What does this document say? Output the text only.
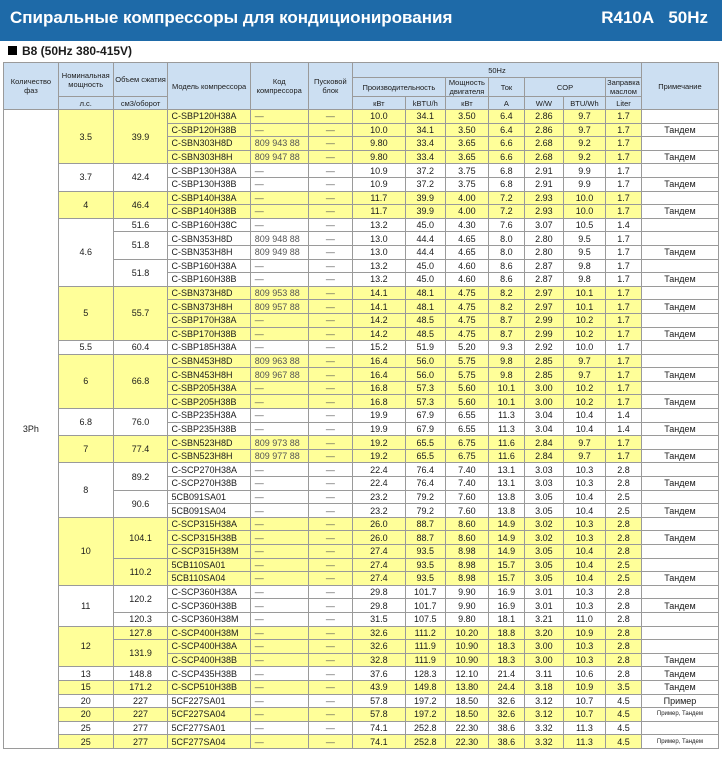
Спиральные компрессоры для кондиционирования	R410A 50Hz
B8 (50Hz 380-415V)
Количество фаз	Номинальная мощность	Объем сжатия	Модель компрессора	Код компрессора	Пусковой блок	50Hz							Примечание
						Производительность		Мощность двигателя	Ток	COP		Заправка маслом	
	л.с.	см3/оборот				кВт	kBTU/h	кВт	A	W/W	BTU/Wh	Liter	
3Ph	3.5	39.9	C-SBP120H38A	—	—	10.0	34.1	3.50	6.4	2.86	9.7	1.7	
			C-SBP120H38B	—	—	10.0	34.1	3.50	6.4	2.86	9.7	1.7	Тандем
			C-SBN303H8D	809 943 88	—	9.80	33.4	3.65	6.6	2.68	9.2	1.7	
			C-SBN303H8H	809 947 88	—	9.80	33.4	3.65	6.6	2.68	9.2	1.7	Тандем
	3.7	42.4	C-SBP130H38A	—	—	10.9	37.2	3.75	6.8	2.91	9.9	1.7	
			C-SBP130H38B	—	—	10.9	37.2	3.75	6.8	2.91	9.9	1.7	Тандем
	4	46.4	C-SBP140H38A	—	—	11.7	39.9	4.00	7.2	2.93	10.0	1.7	
			C-SBP140H38B	—	—	11.7	39.9	4.00	7.2	2.93	10.0	1.7	Тандем
	4.6	51.6	C-SBP160H38C	—	—	13.2	45.0	4.30	7.6	3.07	10.5	1.4	
		51.8	C-SBN353H8D	809 948 88	—	13.0	44.4	4.65	8.0	2.80	9.5	1.7	
			C-SBN353H8H	809 949 88	—	13.0	44.4	4.65	8.0	2.80	9.5	1.7	Тандем
		51.8	C-SBP160H38A	—	—	13.2	45.0	4.60	8.6	2.87	9.8	1.7	
			C-SBP160H38B	—	—	13.2	45.0	4.60	8.6	2.87	9.8	1.7	Тандем
	5	55.7	C-SBN373H8D	809 953 88	—	14.1	48.1	4.75	8.2	2.97	10.1	1.7	
			C-SBN373H8H	809 957 88	—	14.1	48.1	4.75	8.2	2.97	10.1	1.7	Тандем
			C-SBP170H38A	—	—	14.2	48.5	4.75	8.7	2.99	10.2	1.7	
			C-SBP170H38B	—	—	14.2	48.5	4.75	8.7	2.99	10.2	1.7	Тандем
	5.5	60.4	C-SBP185H38A	—	—	15.2	51.9	5.20	9.3	2.92	10.0	1.7	
	6	66.8	C-SBN453H8D	809 963 88	—	16.4	56.0	5.75	9.8	2.85	9.7	1.7	
			C-SBN453H8H	809 967 88	—	16.4	56.0	5.75	9.8	2.85	9.7	1.7	Тандем
			C-SBP205H38A	—	—	16.8	57.3	5.60	10.1	3.00	10.2	1.7	
			C-SBP205H38B	—	—	16.8	57.3	5.60	10.1	3.00	10.2	1.7	Тандем
	6.8	76.0	C-SBP235H38A	—	—	19.9	67.9	6.55	11.3	3.04	10.4	1.4	
			C-SBP235H38B	—	—	19.9	67.9	6.55	11.3	3.04	10.4	1.4	Тандем
	7	77.4	C-SBN523H8D	809 973 88	—	19.2	65.5	6.75	11.6	2.84	9.7	1.7	
			C-SBN523H8H	809 977 88	—	19.2	65.5	6.75	11.6	2.84	9.7	1.7	Тандем
	8	89.2	C-SCP270H38A	—	—	22.4	76.4	7.40	13.1	3.03	10.3	2.8	
			C-SCP270H38B	—	—	22.4	76.4	7.40	13.1	3.03	10.3	2.8	Тандем
		90.6	5CB091SA01	—	—	23.2	79.2	7.60	13.8	3.05	10.4	2.5	
			5CB091SA04	—	—	23.2	79.2	7.60	13.8	3.05	10.4	2.5	Тандем
	10	104.1	C-SCP315H38A	—	—	26.0	88.7	8.60	14.9	3.02	10.3	2.8	
			C-SCP315H38B	—	—	26.0	88.7	8.60	14.9	3.02	10.3	2.8	Тандем
			C-SCP315H38M	—	—	27.4	93.5	8.98	14.9	3.05	10.4	2.8	
		110.2	5CB110SA01	—	—	27.4	93.5	8.98	15.7	3.05	10.4	2.5	
			5CB110SA04	—	—	27.4	93.5	8.98	15.7	3.05	10.4	2.5	Тандем
	11	120.2	C-SCP360H38A	—	—	29.8	101.7	9.90	16.9	3.01	10.3	2.8	
			C-SCP360H38B	—	—	29.8	101.7	9.90	16.9	3.01	10.3	2.8	Тандем
		120.3	C-SCP360H38M	—	—	31.5	107.5	9.80	18.1	3.21	11.0	2.8	
	12	127.8	C-SCP400H38M	—	—	32.6	111.2	10.20	18.8	3.20	10.9	2.8	
		131.9	C-SCP400H38A	—	—	32.6	111.9	10.90	18.3	3.00	10.3	2.8	
			C-SCP400H38B	—	—	32.8	111.9	10.90	18.3	3.00	10.3	2.8	Тандем
	13	148.8	C-SCP435H38B	—	—	37.6	128.3	12.10	21.4	3.11	10.6	2.8	Тандем
	15	171.2	C-SCP510H38B	—	—	43.9	149.8	13.80	24.4	3.18	10.9	3.5	Тандем
	20	227	5CF227SA01	—	—	57.8	197.2	18.50	32.6	3.12	10.7	4.5	Пример
	20	227	5CF227SA04	—	—	57.8	197.2	18.50	32.6	3.12	10.7	4.5	Пример, Тандем
	25	277	5CF277SA01	—	—	74.1	252.8	22.30	38.6	3.32	11.3	4.5	
	25	277	5CF277SA04	—	—	74.1	252.8	22.30	38.6	3.32	11.3	4.5	Пример, Тандем
